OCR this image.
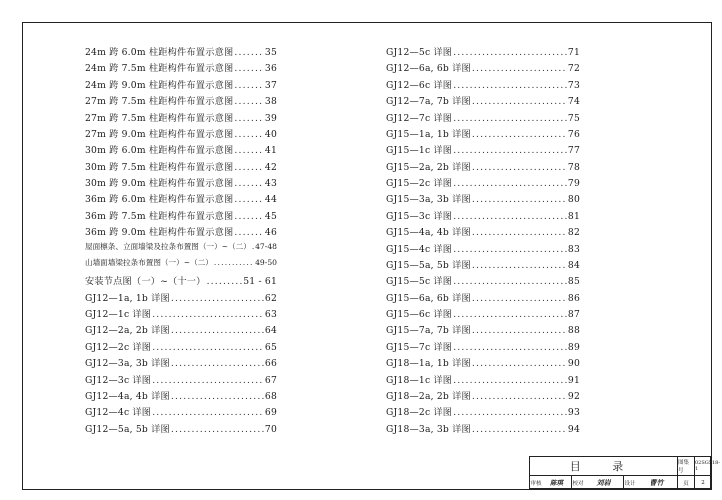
24m 跨 6.0m 柱距构件布置示意图 .....	35
24m 跨 7.5m 柱距构件布置示意图 .....	36
24m 跨 9.0m 柱距构件布置示意图 .....	37
27m 跨 7.5m 柱距构件布置示意图 .....	38
27m 跨 7.5m 柱距构件布置示意图 .....	39
27m 跨 9.0m 柱距构件布置示意图 .....	40
30m 跨 6.0m 柱距构件布置示意图 .....	41
30m 跨 7.5m 柱距构件布置示意图 .....	42
30m 跨 9.0m 柱距构件布置示意图 .....	43
36m 跨 6.0m 柱距构件布置示意图 .....	44
36m 跨 7.5m 柱距构件布置示意图 .....	45
36m 跨 9.0m 柱距构件布置示意图 .....	46
屋面檩条、立面墙梁及拉条布置图（一）~（二） ..... 47-48
山墙面墙梁拉条布置图（一）~（二） .....	49-50
安装节点图（一）~（十一） .....	51 - 61
GJ12—1a, 1b 详图 .....	62
GJ12—1c 详图 .....	63
GJ12—2a, 2b 详图 .....	64
GJ12—2c 详图 .....	65
GJ12—3a, 3b 详图 .....	66
GJ12—3c 详图 .....	67
GJ12—4a, 4b 详图 .....	68
GJ12—4c 详图 .....	69
GJ12—5a, 5b 详图 .....	70
GJ12—5c 详图 .....	71
GJ12—6a, 6b 详图 .....	72
GJ12—6c 详图 .....	73
GJ12—7a, 7b 详图 .....	74
GJ12—7c 详图 .....	75
GJ15—1a, 1b 详图 .....	76
GJ15—1c 详图 .....	77
GJ15—2a, 2b 详图 .....	78
GJ15—2c 详图 .....	79
GJ15—3a, 3b 详图 .....	80
GJ15—3c 详图 .....	81
GJ15—4a, 4b 详图 .....	82
GJ15—4c 详图 .....	83
GJ15—5a, 5b 详图 .....	84
GJ15—5c 详图 .....	85
GJ15—6a, 6b 详图 .....	86
GJ15—6c 详图 .....	87
GJ15—7a, 7b 详图 .....	88
GJ15—7c 详图 .....	89
GJ18—1a, 1b 详图 .....	90
GJ18—1c 详图 .....	91
GJ18—2a, 2b 详图 .....	92
GJ18—2c 详图 .....	93
GJ18—3a, 3b 详图 .....	94
目 录	图集号
02SG518-1
审核	陈琪	校对	刘岩	设计	曹竹	页	2
